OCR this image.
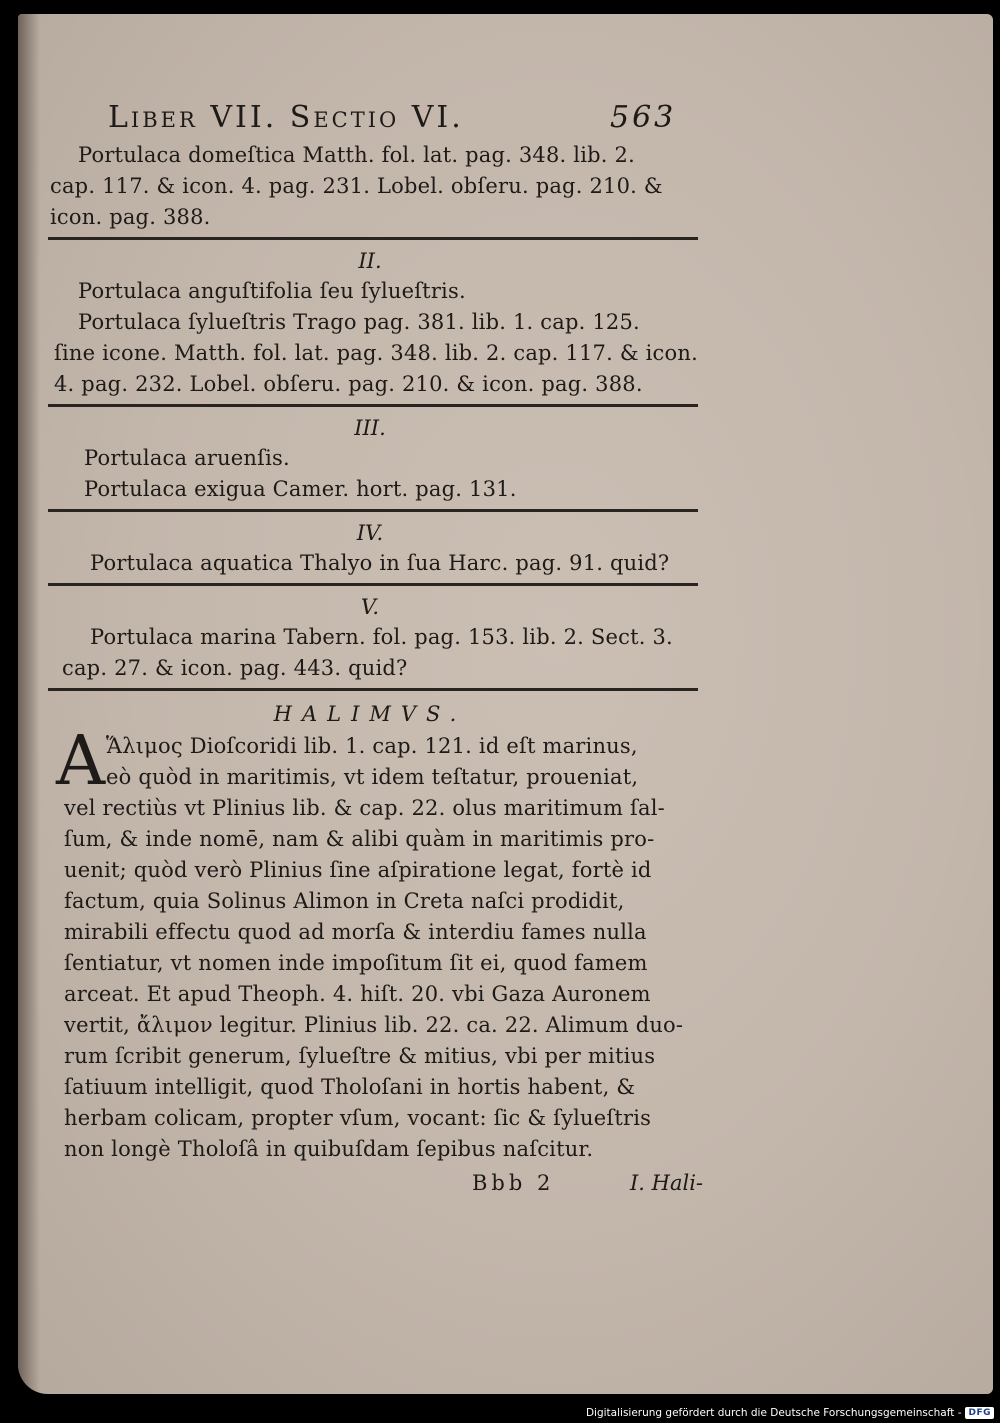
Liber VII. Sectio VI.	563
Portulaca domeſtica Matth. fol. lat. pag. 348. lib. 2.
cap. 117. & icon. 4. pag. 231. Lobel. obſeru. pag. 210. &
icon. pag. 388.
II.
Portulaca anguſtifolia ſeu ſylueſtris.
Portulaca ſylueſtris Trago pag. 381. lib. 1. cap. 125.
ſine icone. Matth. fol. lat. pag. 348. lib. 2. cap. 117. & icon.
4. pag. 232. Lobel. obſeru. pag. 210. & icon. pag. 388.
III.
Portulaca aruenſis.
Portulaca exigua Camer. hort. pag. 131.
IV.
Portulaca aquatica Thalyo in ſua Harc. pag. 91. quid?
V.
Portulaca marina Tabern. fol. pag. 153. lib. 2. Sect. 3.
cap. 27. & icon. pag. 443. quid?
HALIMVS.
A Ἅλιμος Dioſcoridi lib. 1. cap. 121. id eſt marinus,
eò quòd in maritimis, vt idem teſtatur, proueniat,
vel rectiùs vt Plinius lib. & cap. 22. olus maritimum ſal-
ſum, & inde nomē, nam & alibi quàm in maritimis pro-
uenit; quòd verò Plinius ſine aſpiratione legat, fortè id
factum, quia Solinus Alimon in Creta naſci prodidit,
mirabili effectu quod ad morſa & interdiu fames nulla
ſentiatur, vt nomen inde impoſitum ſit ei, quod famem
arceat. Et apud Theoph. 4. hiſt. 20. vbi Gaza Auronem
vertit, ἄλιμον legitur. Plinius lib. 22. ca. 22. Alimum duo-
rum ſcribit generum, ſylueſtre & mitius, vbi per mitius
ſatiuum intelligit, quod Tholoſani in hortis habent, &
herbam colicam, propter vſum, vocant: ſic & ſylueſtris
non longè Tholoſâ in quibuſdam ſepibus naſcitur.
Bbb 2	I. Hali-
Digitalisierung gefördert durch die Deutsche Forschungsgemeinschaft - DFG
